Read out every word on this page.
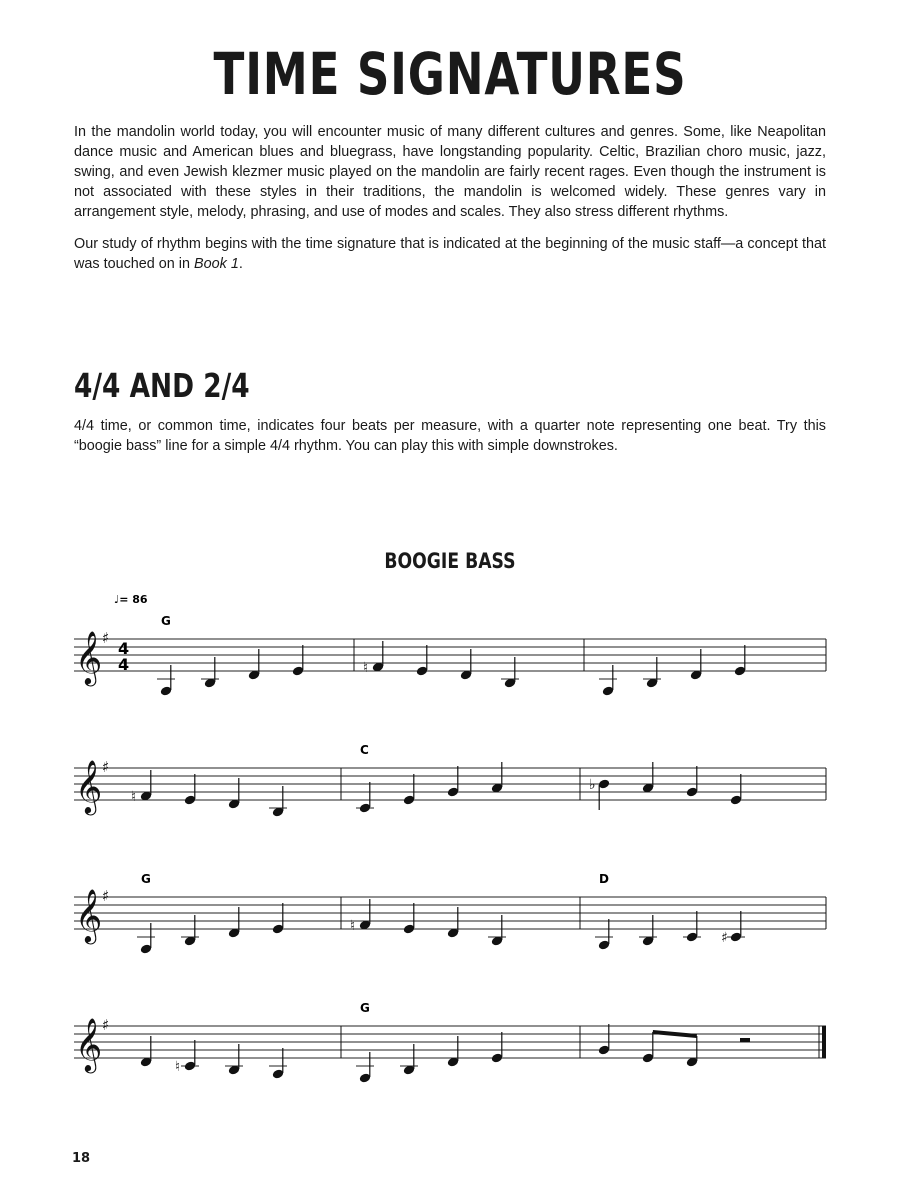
TIME SIGNATURES

In the mandolin world today, you will encounter music of many different cultures and genres. Some, like Neapolitan dance music and American blues and bluegrass, have longstanding popularity. Celtic, Brazilian choro music, jazz, swing, and even Jewish klezmer music played on the mandolin are fairly recent rages. Even though the instrument is not associated with these styles in their traditions, the mandolin is welcomed widely. These genres vary in arrangement style, melody, phrasing, and use of modes and scales. They also stress different rhythms.

Our study of rhythm begins with the time signature that is indicated at the beginning of the music staff—a concept that was touched on in Book 1.

4/4 AND 2/4

4/4 time, or common time, indicates four beats per measure, with a quarter note representing one beat. Try this “boogie bass” line for a simple 4/4 rhythm. You can play this with simple downstrokes.

BOOGIE BASS
𝄞 ♯
4
4
♩= 86
G
♮
𝄞 ♯
♮
C
♭
𝄞 ♯
G
♮
D
♯
𝄞 ♯
♮
G
18
